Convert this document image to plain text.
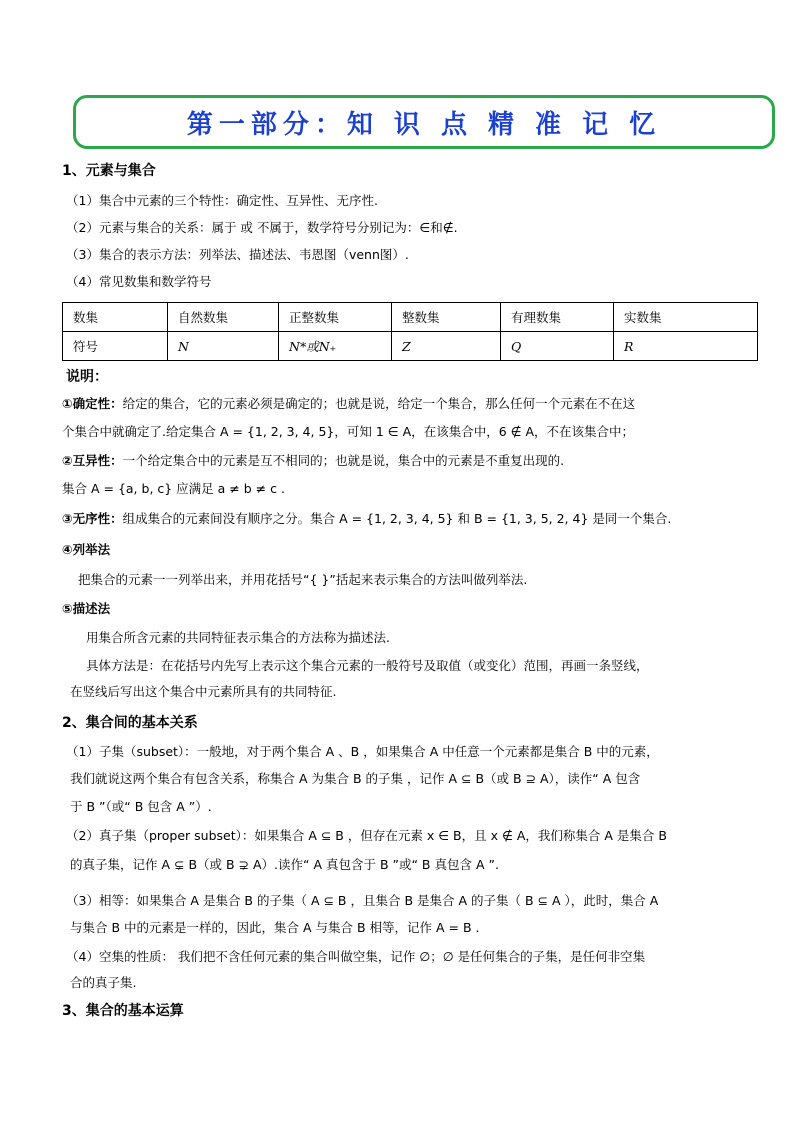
第一部分：知 识 点 精 准 记 忆
1、元素与集合
（1）集合中元素的三个特性：确定性、互异性、无序性.
（2）元素与集合的关系：属于 或 不属于，数学符号分别记为：∈和∉.
（3）集合的表示方法：列举法、描述法、韦恩图（venn图）.
（4）常见数集和数学符号
数集	自然数集	正整数集	整数集	有理数集	实数集
符号	N	N*或N₊	Z	Q	R
说明：
①确定性：给定的集合，它的元素必须是确定的；也就是说，给定一个集合，那么任何一个元素在不在这
个集合中就确定了.给定集合 A = {1, 2, 3, 4, 5}，可知 1 ∈ A，在该集合中，6 ∉ A，不在该集合中；
②互异性：一个给定集合中的元素是互不相同的；也就是说，集合中的元素是不重复出现的.
集合 A = {a, b, c} 应满足 a ≠ b ≠ c .
③无序性：组成集合的元素间没有顺序之分。集合 A = {1, 2, 3, 4, 5} 和 B = {1, 3, 5, 2, 4} 是同一个集合.
④列举法
把集合的元素一一列举出来，并用花括号“{ }”括起来表示集合的方法叫做列举法.
⑤描述法
用集合所含元素的共同特征表示集合的方法称为描述法.
具体方法是：在花括号内先写上表示这个集合元素的一般符号及取值（或变化）范围，再画一条竖线，
在竖线后写出这个集合中元素所具有的共同特征.
2、集合间的基本关系
（1）子集（subset）：一般地，对于两个集合 A 、B ，如果集合 A 中任意一个元素都是集合 B 中的元素，
我们就说这两个集合有包含关系，称集合 A 为集合 B 的子集 ，记作 A ⊆ B（或 B ⊇ A），读作“ A 包含
于 B ”（或“ B 包含 A ”）.
（2）真子集（proper subset）：如果集合 A ⊆ B ，但存在元素 x ∈ B，且 x ∉ A，我们称集合 A 是集合 B
的真子集，记作 A ⊊ B（或 B ⊋ A）.读作“ A 真包含于 B ”或“ B 真包含 A ”.
（3）相等：如果集合 A 是集合 B 的子集（ A ⊆ B ，且集合 B 是集合 A 的子集（ B ⊆ A ），此时，集合 A
与集合 B 中的元素是一样的，因此，集合 A 与集合 B 相等，记作 A = B .
（4）空集的性质： 我们把不含任何元素的集合叫做空集，记作 ∅；∅ 是任何集合的子集，是任何非空集
合的真子集.
3、集合的基本运算
